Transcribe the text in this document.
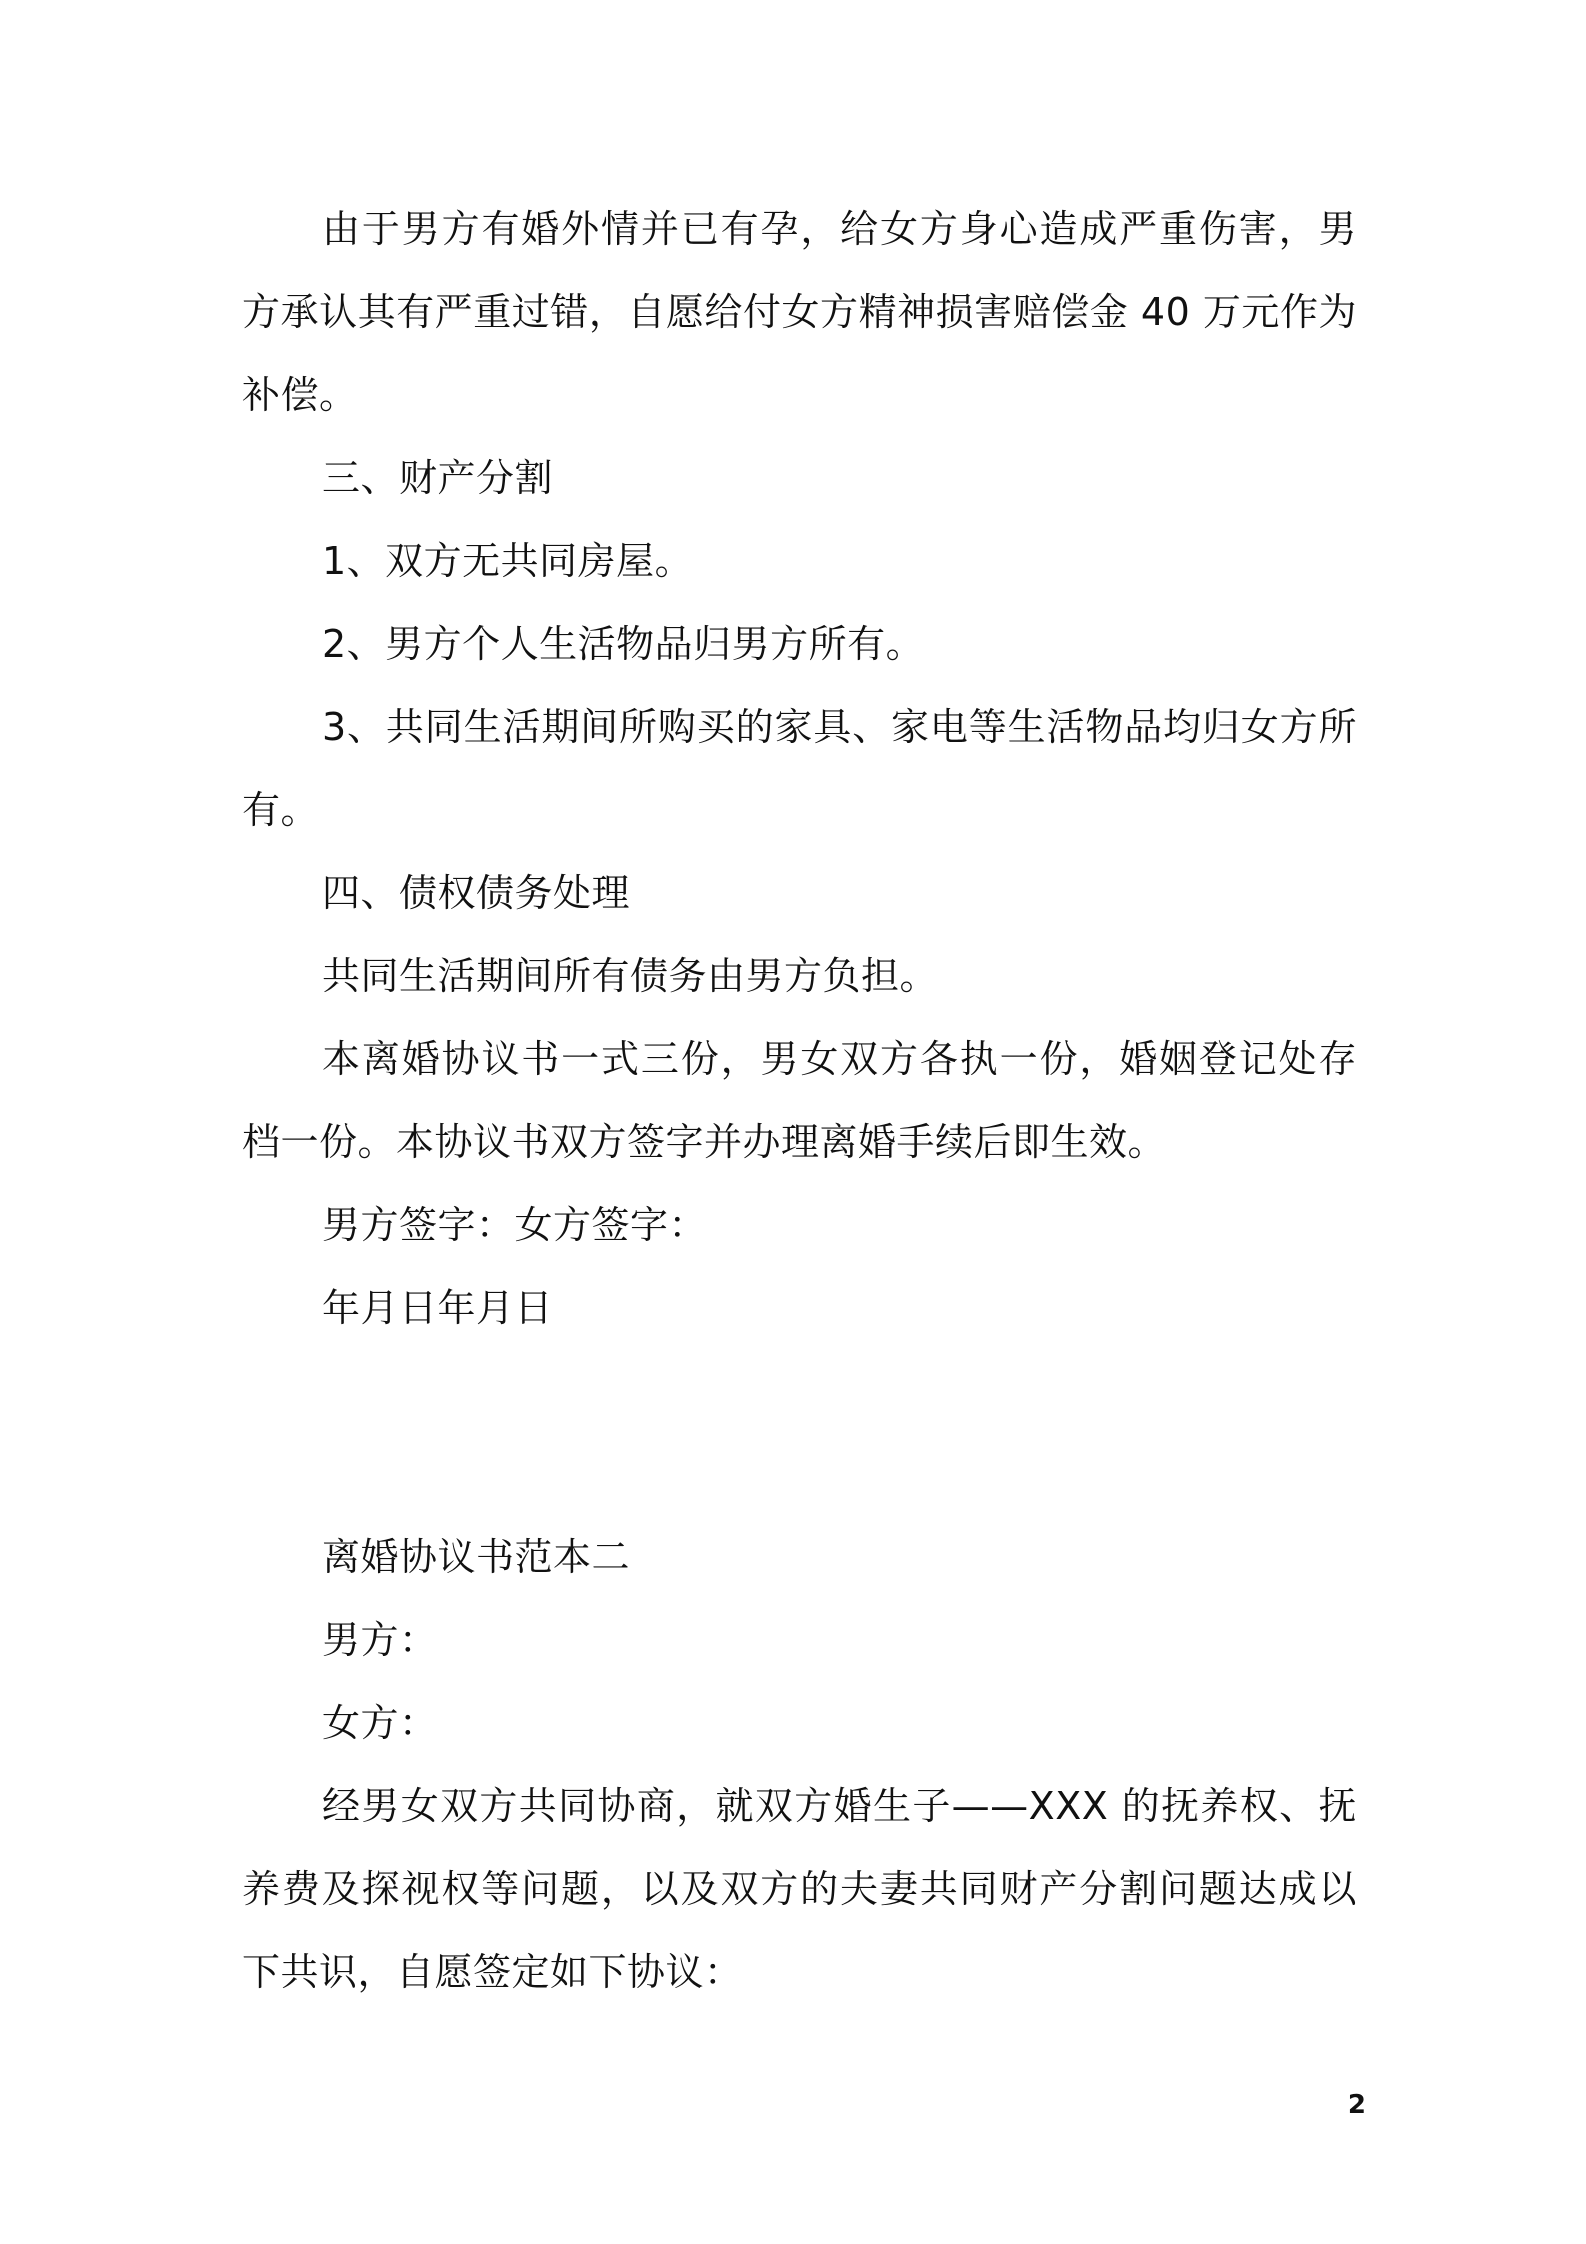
由于男方有婚外情并已有孕，给女方身心造成严重伤害，男方承认其有严重过错，自愿给付女方精神损害赔偿金 40 万元作为补偿。

三、财产分割

1、双方无共同房屋。

2、男方个人生活物品归男方所有。

3、共同生活期间所购买的家具、家电等生活物品均归女方所有。

四、债权债务处理

共同生活期间所有债务由男方负担。

本离婚协议书一式三份，男女双方各执一份，婚姻登记处存档一份。本协议书双方签字并办理离婚手续后即生效。

男方签字：女方签字：

年月日年月日

离婚协议书范本二

男方：

女方：

经男女双方共同协商，就双方婚生子——XXX 的抚养权、抚养费及探视权等问题，以及双方的夫妻共同财产分割问题达成以下共识，自愿签定如下协议：

2
